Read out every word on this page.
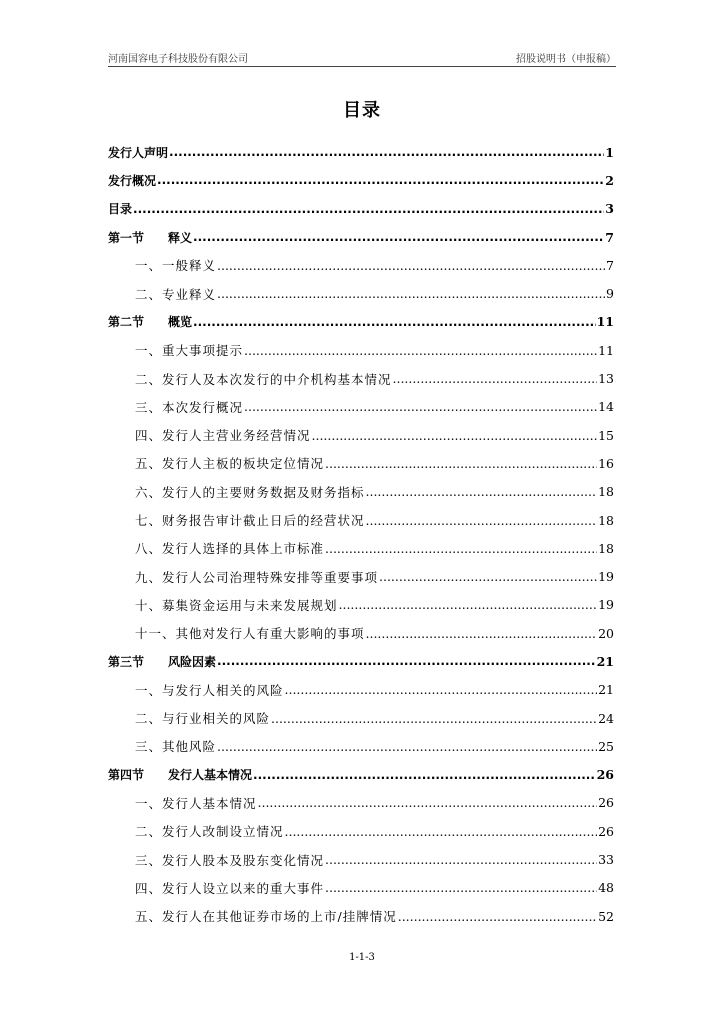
河南国容电子科技股份有限公司	招股说明书（申报稿）
目录
发行人声明 .....	1
发行概况 .....	2
目录 .....	3
第一节 释义 .....	7
一、一般释义 .....	7
二、专业释义 .....	9
第二节 概览 .....	11
一、重大事项提示 .....	11
二、发行人及本次发行的中介机构基本情况 .....	13
三、本次发行概况 .....	14
四、发行人主营业务经营情况 .....	15
五、发行人主板的板块定位情况 .....	16
六、发行人的主要财务数据及财务指标 .....	18
七、财务报告审计截止日后的经营状况 .....	18
八、发行人选择的具体上市标准 .....	18
九、发行人公司治理特殊安排等重要事项 .....	19
十、募集资金运用与未来发展规划 .....	19
十一、其他对发行人有重大影响的事项 .....	20
第三节 风险因素 .....	21
一、与发行人相关的风险 .....	21
二、与行业相关的风险 .....	24
三、其他风险 .....	25
第四节 发行人基本情况 .....	26
一、发行人基本情况 .....	26
二、发行人改制设立情况 .....	26
三、发行人股本及股东变化情况 .....	33
四、发行人设立以来的重大事件 .....	48
五、发行人在其他证券市场的上市/挂牌情况 .....	52
1-1-3
